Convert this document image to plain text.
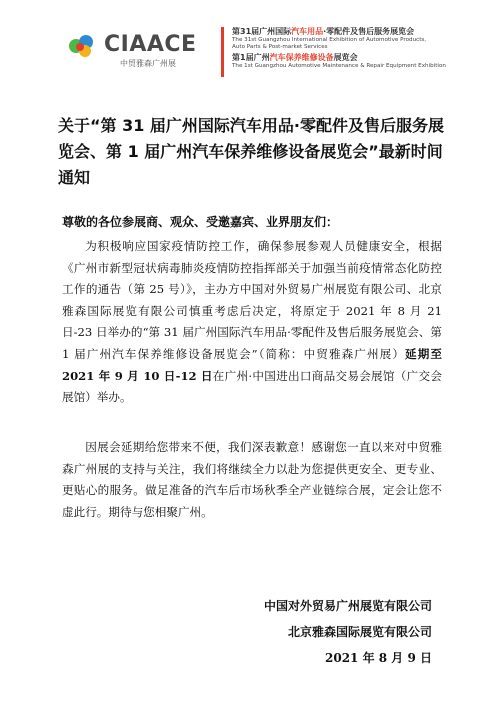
CIAACE
中贸雅森广州展
第31届广州国际汽车用品·零配件及售后服务展览会
The 31st Guangzhou International Exhibition of Automotive Products,
Auto Parts & Post-market Services
第1届广州汽车保养维修设备展览会
The 1st Guangzhou Automotive Maintenance & Repair Equipment Exhibition
关于“第 31 届广州国际汽车用品·零配件及售后服务展览会、第 1 届广州汽车保养维修设备展览会”最新时间通知

尊敬的各位参展商、观众、受邀嘉宾、业界朋友们：

为积极响应国家疫情防控工作，确保参展参观人员健康安全，根据《广州市新型冠状病毒肺炎疫情防控指挥部关于加强当前疫情常态化防控工作的通告（第 25 号）》，主办方中国对外贸易广州展览有限公司、北京雅森国际展览有限公司慎重考虑后决定，将原定于 2021 年 8 月 21 日-23 日举办的“第 31 届广州国际汽车用品·零配件及售后服务展览会、第 1 届广州汽车保养维修设备展览会”（简称：中贸雅森广州展）延期至 2021 年 9 月 10 日-12 日在广州·中国进出口商品交易会展馆（广交会展馆）举办。

因展会延期给您带来不便，我们深表歉意！感谢您一直以来对中贸雅森广州展的支持与关注，我们将继续全力以赴为您提供更安全、更专业、更贴心的服务。做足准备的汽车后市场秋季全产业链综合展，定会让您不虚此行。期待与您相聚广州。

中国对外贸易广州展览有限公司

北京雅森国际展览有限公司

2021 年 8 月 9 日
